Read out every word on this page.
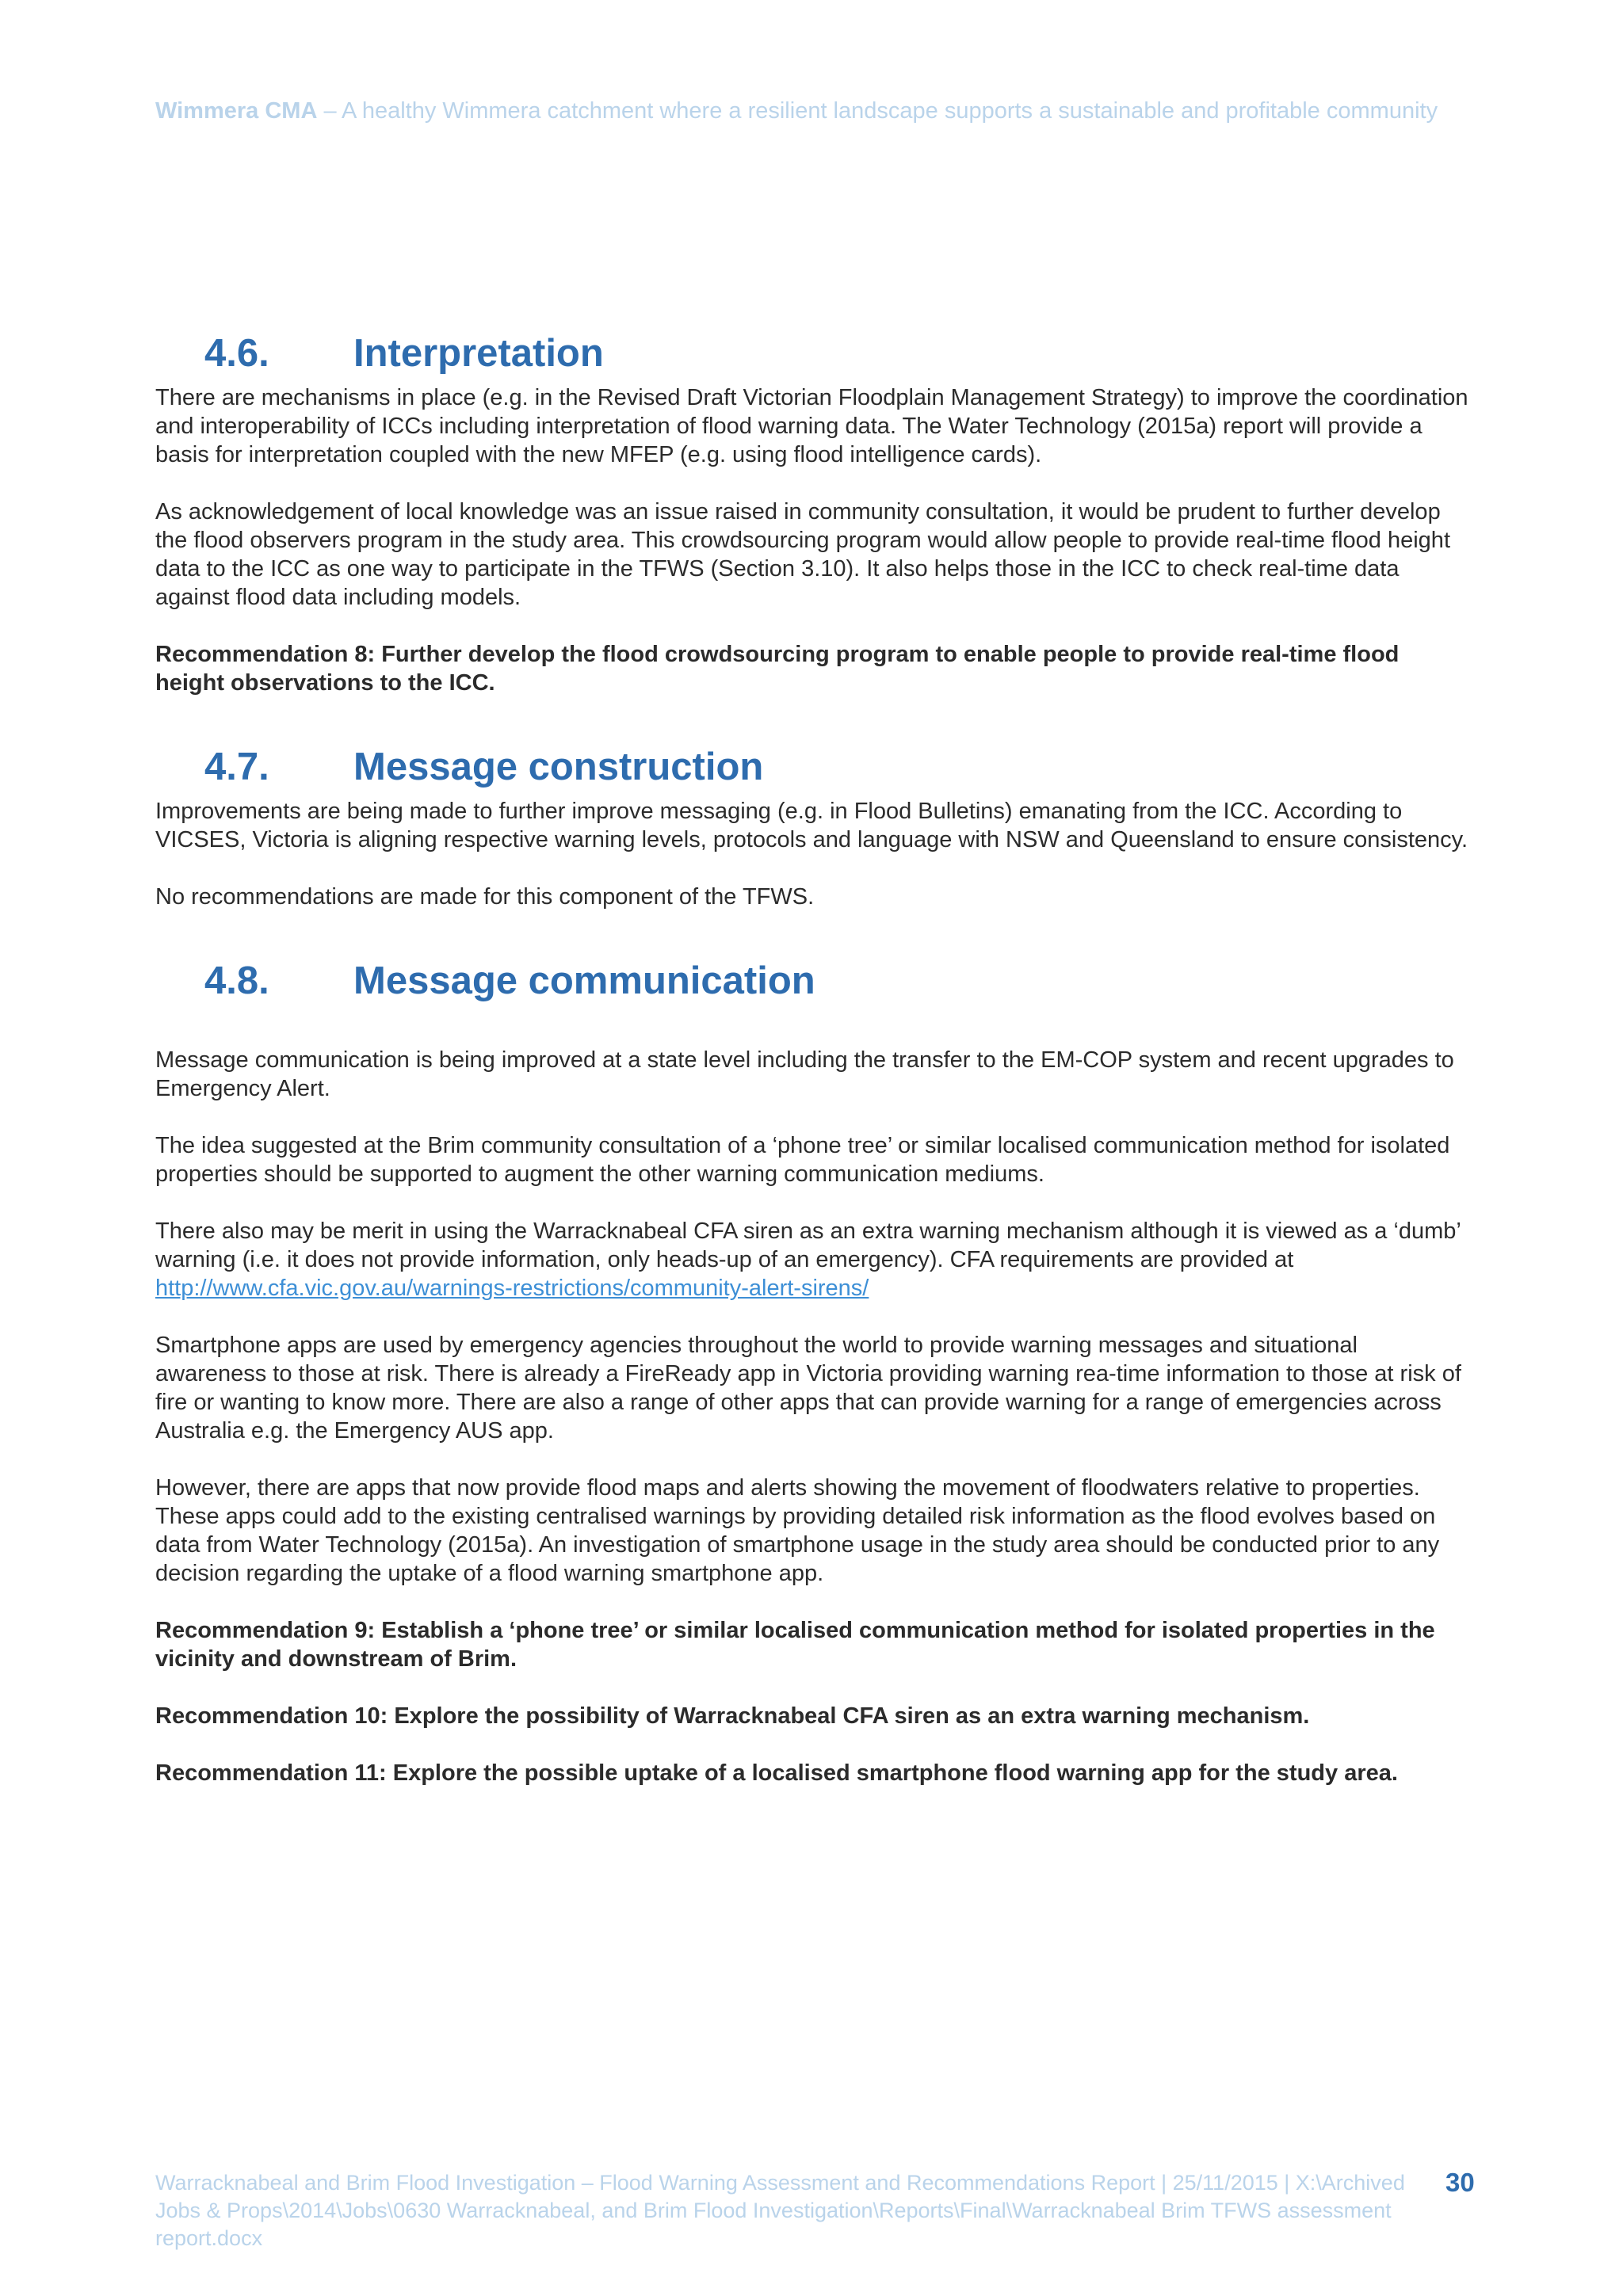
Wimmera CMA – A healthy Wimmera catchment where a resilient landscape supports a sustainable and profitable community
4.6.	Interpretation

There are mechanisms in place (e.g. in the Revised Draft Victorian Floodplain Management Strategy) to improve the coordination and interoperability of ICCs including interpretation of flood warning data. The Water Technology (2015a) report will provide a basis for interpretation coupled with the new MFEP (e.g. using flood intelligence cards).

As acknowledgement of local knowledge was an issue raised in community consultation, it would be prudent to further develop the flood observers program in the study area. This crowdsourcing program would allow people to provide real-time flood height data to the ICC as one way to participate in the TFWS (Section 3.10). It also helps those in the ICC to check real-time data against flood data including models.

Recommendation 8: Further develop the flood crowdsourcing program to enable people to provide real-time flood height observations to the ICC.

4.7.	Message construction

Improvements are being made to further improve messaging (e.g. in Flood Bulletins) emanating from the ICC. According to VICSES, Victoria is aligning respective warning levels, protocols and language with NSW and Queensland to ensure consistency.

No recommendations are made for this component of the TFWS.

4.8.	Message communication

Message communication is being improved at a state level including the transfer to the EM-COP system and recent upgrades to Emergency Alert.

The idea suggested at the Brim community consultation of a ‘phone tree’ or similar localised communication method for isolated properties should be supported to augment the other warning communication mediums.

There also may be merit in using the Warracknabeal CFA siren as an extra warning mechanism although it is viewed as a ‘dumb’ warning (i.e. it does not provide information, only heads-up of an emergency). CFA requirements are provided at http://www.cfa.vic.gov.au/warnings-restrictions/community-alert-sirens/

Smartphone apps are used by emergency agencies throughout the world to provide warning messages and situational awareness to those at risk. There is already a FireReady app in Victoria providing warning rea-time information to those at risk of fire or wanting to know more. There are also a range of other apps that can provide warning for a range of emergencies across Australia e.g. the Emergency AUS app.

However, there are apps that now provide flood maps and alerts showing the movement of floodwaters relative to properties. These apps could add to the existing centralised warnings by providing detailed risk information as the flood evolves based on data from Water Technology (2015a). An investigation of smartphone usage in the study area should be conducted prior to any decision regarding the uptake of a flood warning smartphone app.

Recommendation 9: Establish a ‘phone tree’ or similar localised communication method for isolated properties in the vicinity and downstream of Brim.

Recommendation 10: Explore the possibility of Warracknabeal CFA siren as an extra warning mechanism.

Recommendation 11: Explore the possible uptake of a localised smartphone flood warning app for the study area.

Warracknabeal and Brim Flood Investigation – Flood Warning Assessment and Recommendations Report | 25/11/2015 | X:\Archived Jobs & Props\2014\Jobs\0630 Warracknabeal, and Brim Flood Investigation\Reports\Final\Warracknabeal Brim TFWS assessment report.docx
30
